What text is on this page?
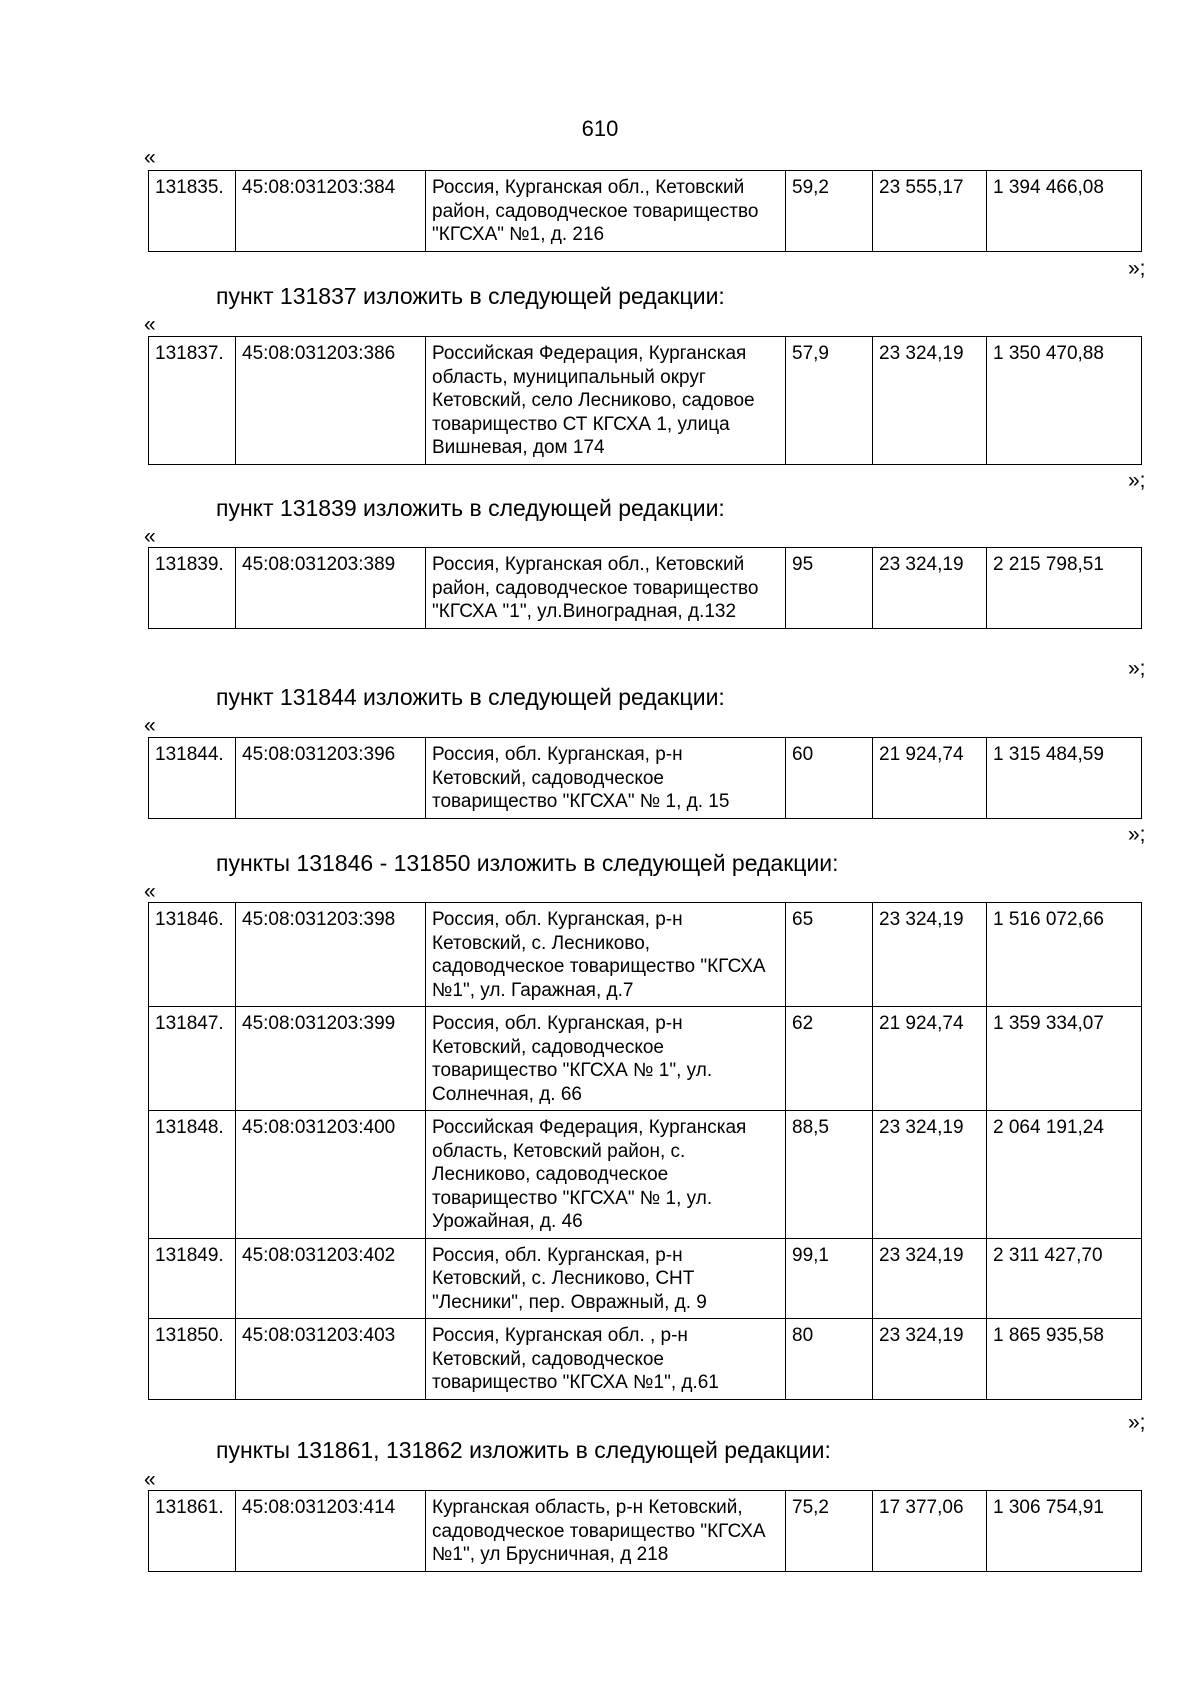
610
«
131835.	45:08:031203:384	Россия, Курганская обл., Кетовский район, садоводческое товарищество "КГСХА" №1, д. 216	59,2	23 555,17	1 394 466,08
»;
пункт 131837 изложить в следующей редакции:
«
131837.	45:08:031203:386	Российская Федерация, Курганская область, муниципальный округ Кетовский, село Лесниково, садовое товарищество СТ КГСХА 1, улица Вишневая, дом 174	57,9	23 324,19	1 350 470,88
»;
пункт 131839 изложить в следующей редакции:
«
131839.	45:08:031203:389	Россия, Курганская обл., Кетовский район, садоводческое товарищество "КГСХА "1", ул.Виноградная, д.132	95	23 324,19	2 215 798,51
»;
пункт 131844 изложить в следующей редакции:
«
131844.	45:08:031203:396	Россия, обл. Курганская, р-н Кетовский, садоводческое товарищество "КГСХА" № 1, д. 15	60	21 924,74	1 315 484,59
»;
пункты 131846 - 131850 изложить в следующей редакции:
«
131846.	45:08:031203:398	Россия, обл. Курганская, р-н Кетовский, с. Лесниково, садоводческое товарищество "КГСХА №1", ул. Гаражная, д.7	65	23 324,19	1 516 072,66
131847.	45:08:031203:399	Россия, обл. Курганская, р-н Кетовский, садоводческое товарищество "КГСХА № 1", ул. Солнечная, д. 66	62	21 924,74	1 359 334,07
131848.	45:08:031203:400	Российская Федерация, Курганская область, Кетовский район, с. Лесниково, садоводческое товарищество "КГСХА" № 1, ул. Урожайная, д. 46	88,5	23 324,19	2 064 191,24
131849.	45:08:031203:402	Россия, обл. Курганская, р-н Кетовский, с. Лесниково, СНТ "Лесники", пер. Овражный, д. 9	99,1	23 324,19	2 311 427,70
131850.	45:08:031203:403	Россия, Курганская обл. , р-н Кетовский, садоводческое товарищество "КГСХА №1", д.61	80	23 324,19	1 865 935,58
»;
пункты 131861, 131862 изложить в следующей редакции:
«
131861.	45:08:031203:414	Курганская область, р-н Кетовский, садоводческое товарищество "КГСХА №1", ул Брусничная, д 218	75,2	17 377,06	1 306 754,91
